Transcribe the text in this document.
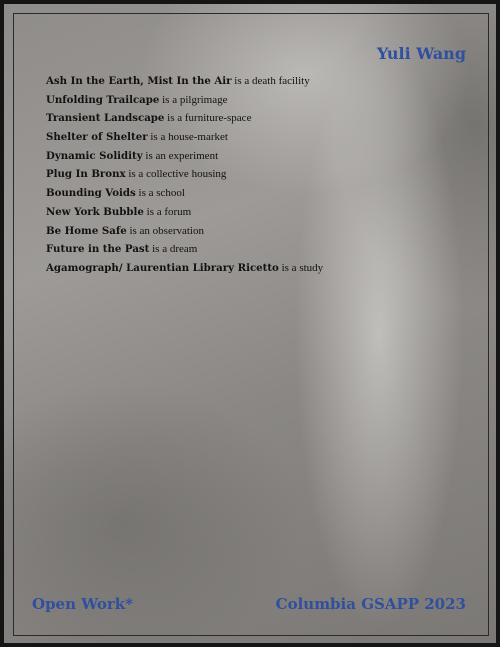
Yuli Wang

Ash In the Earth, Mist In the Air is a death facility
Unfolding Trailcape is a pilgrimage
Transient Landscape is a furniture-space
Shelter of Shelter is a house-market
Dynamic Solidity is an experiment
Plug In Bronx is a collective housing
Bounding Voids is a school
New York Bubble is a forum
Be Home Safe is an observation
Future in the Past is a dream
Agamograph/ Laurentian Library Ricetto is a study

Open Work*	Columbia GSAPP 2023
